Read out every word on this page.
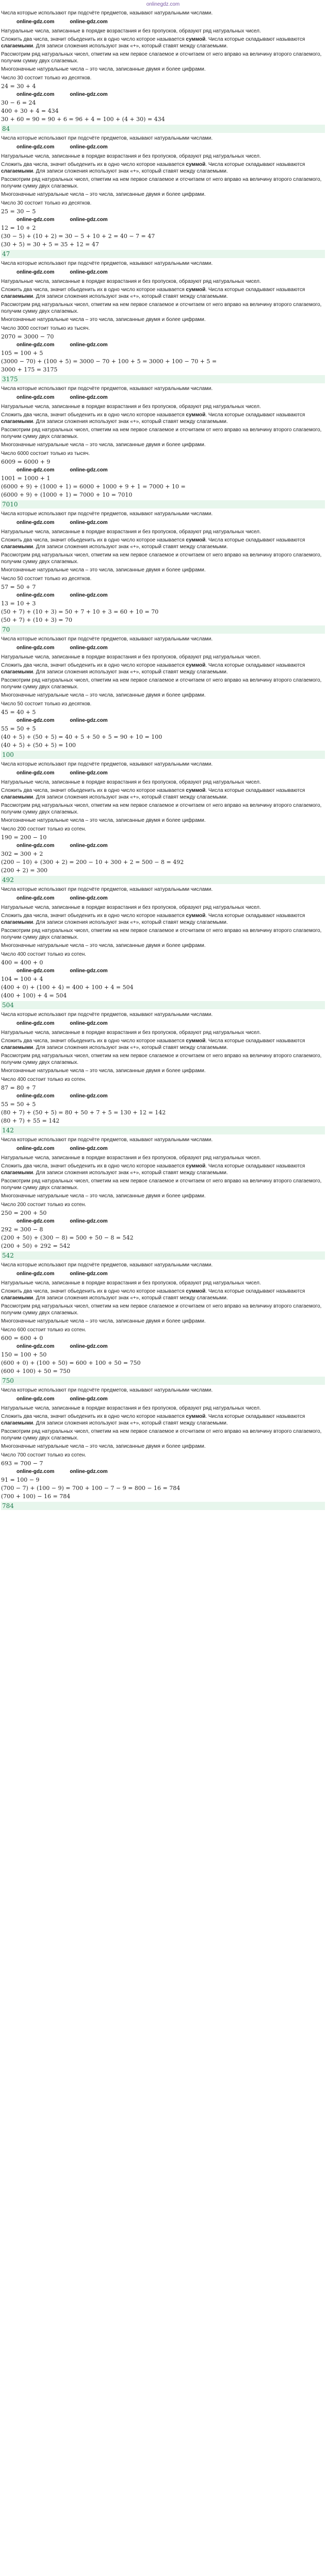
onlinegdz.com
Числа которые использают при подсчёте предметов, называют натуральными числами.
online-gdz.com	online-gdz.com
Натуральные числа, записанные в порядке возрастания и без пропусков, образуют ряд натуральных чисел.
Сложить два числа, значит обьеденить их в одно число которое называется суммой. Числа которые складывают называются слагаемыми. Для записи сложения используют знак «+», который ставят между слагаемыми.
Рассмотрим ряд натуральных чисел, отметим на нем первое слагаемое и отсчитаем от него вправо на величину второго слагаемого, получим сумму двух слагаемых.
Многозначные натуральные числа – это числа, записанные двумя и более цифрами.
Число 30 состоит только из десятков.
24 = 30 + 4
online-gdz.com	online-gdz.com
30 − 6 = 24
400 + 30 + 4 = 434
30 + 60 = 90 = 90 + 6 = 96 + 4 = 100 + (4 + 30) = 434
84
Числа которые использают при подсчёте предметов, называют натуральными числами.
online-gdz.com	online-gdz.com
Натуральные числа, записанные в порядке возрастания и без пропусков, образуют ряд натуральных чисел.
Сложить два числа, значит обьеденить их в одно число которое называется суммой. Числа которые складывают называются слагаемыми. Для записи сложения используют знак «+», который ставят между слагаемыми.
Рассмотрим ряд натуральных чисел, отметим на нем первое слагаемое и отсчитаем от него вправо на величину второго слагаемого, получим сумму двух слагаемых.
Многозначные натуральные числа – это числа, записанные двумя и более цифрами.
Число 30 состоит только из десятков.
25 = 30 − 5
online-gdz.com	online-gdz.com
12 = 10 + 2
(30 − 5) + (10 + 2) = 30 − 5 + 10 + 2 = 40 − 7 = 47
(30 + 5) = 30 + 5 = 35 + 12 = 47
47
Числа которые использают при подсчёте предметов, называют натуральными числами.
online-gdz.com	online-gdz.com
Натуральные числа, записанные в порядке возрастания и без пропусков, образуют ряд натуральных чисел.
Сложить два числа, значит обьеденить их в одно число которое называется суммой. Числа которые складывают называются слагаемыми. Для записи сложения используют знак «+», который ставят между слагаемыми.
Рассмотрим ряд натуральных чисел, отметим на нем первое слагаемое и отсчитаем от него вправо на величину второго слагаемого, получим сумму двух слагаемых.
Многозначные натуральные числа – это числа, записанные двумя и более цифрами.
Число 3000 состоит только из тысяч.
2070 = 3000 − 70
online-gdz.com	online-gdz.com
105 = 100 + 5
(3000 − 70) + (100 + 5) = 3000 − 70 + 100 + 5 = 3000 + 100 − 70 + 5 =
3000 + 175 = 3175
3175
Числа которые использают при подсчёте предметов, называют натуральными числами.
online-gdz.com	online-gdz.com
Натуральные числа, записанные в порядке возрастания и без пропусков, образуют ряд натуральных чисел.
Сложить два числа, значит обьеденить их в одно число которое называется суммой. Числа которые складывают называются слагаемыми. Для записи сложения используют знак «+», который ставят между слагаемыми.
Рассмотрим ряд натуральных чисел, отметим на нем первое слагаемое и отсчитаем от него вправо на величину второго слагаемого, получим сумму двух слагаемых.
Многозначные натуральные числа – это числа, записанные двумя и более цифрами.
Число 6000 состоит только из тысяч.
6009 = 6000 + 9
online-gdz.com	online-gdz.com
1001 = 1000 + 1
(6000 + 9) + (1000 + 1) = 6000 + 1000 + 9 + 1 = 7000 + 10 =
(6000 + 9) + (1000 + 1) = 7000 + 10 = 7010
7010
Числа которые использают при подсчёте предметов, называют натуральными числами.
online-gdz.com	online-gdz.com
Натуральные числа, записанные в порядке возрастания и без пропусков, образуют ряд натуральных чисел.
Сложить два числа, значит обьеденить их в одно число которое называется суммой. Числа которые складывают называются слагаемыми. Для записи сложения используют знак «+», который ставят между слагаемыми.
Рассмотрим ряд натуральных чисел, отметим на нем первое слагаемое и отсчитаем от него вправо на величину второго слагаемого, получим сумму двух слагаемых.
Многозначные натуральные числа – это числа, записанные двумя и более цифрами.
Число 50 состоит только из десятков.
57 = 50 + 7
online-gdz.com	online-gdz.com
13 = 10 + 3
(50 + 7) + (10 + 3) = 50 + 7 + 10 + 3 = 60 + 10 = 70
(50 + 7) + (10 + 3) = 70
70
Числа которые использают при подсчёте предметов, называют натуральными числами.
online-gdz.com	online-gdz.com
Натуральные числа, записанные в порядке возрастания и без пропусков, образуют ряд натуральных чисел.
Сложить два числа, значит обьеденить их в одно число которое называется суммой. Числа которые складывают называются слагаемыми. Для записи сложения используют знак «+», который ставят между слагаемыми.
Рассмотрим ряд натуральных чисел, отметим на нем первое слагаемое и отсчитаем от него вправо на величину второго слагаемого, получим сумму двух слагаемых.
Многозначные натуральные числа – это числа, записанные двумя и более цифрами.
Число 50 состоит только из десятков.
45 = 40 + 5
online-gdz.com	online-gdz.com
55 = 50 + 5
(40 + 5) + (50 + 5) = 40 + 5 + 50 + 5 = 90 + 10 = 100
(40 + 5) + (50 + 5) = 100
100
Числа которые использают при подсчёте предметов, называют натуральными числами.
online-gdz.com	online-gdz.com
Натуральные числа, записанные в порядке возрастания и без пропусков, образуют ряд натуральных чисел.
Сложить два числа, значит обьеденить их в одно число которое называется суммой. Числа которые складывают называются слагаемыми. Для записи сложения используют знак «+», который ставят между слагаемыми.
Рассмотрим ряд натуральных чисел, отметим на нем первое слагаемое и отсчитаем от него вправо на величину второго слагаемого, получим сумму двух слагаемых.
Многозначные натуральные числа – это числа, записанные двумя и более цифрами.
Число 200 состоит только из сотен.
190 = 200 − 10
online-gdz.com	online-gdz.com
302 = 300 + 2
(200 − 10) + (300 + 2) = 200 − 10 + 300 + 2 = 500 − 8 = 492
(200 + 2) = 300
492
Числа которые использают при подсчёте предметов, называют натуральными числами.
online-gdz.com	online-gdz.com
Натуральные числа, записанные в порядке возрастания и без пропусков, образуют ряд натуральных чисел.
Сложить два числа, значит обьеденить их в одно число которое называется суммой. Числа которые складывают называются слагаемыми. Для записи сложения используют знак «+», который ставят между слагаемыми.
Рассмотрим ряд натуральных чисел, отметим на нем первое слагаемое и отсчитаем от него вправо на величину второго слагаемого, получим сумму двух слагаемых.
Многозначные натуральные числа – это числа, записанные двумя и более цифрами.
Число 400 состоит только из сотен.
400 = 400 + 0
online-gdz.com	online-gdz.com
104 = 100 + 4
(400 + 0) + (100 + 4) = 400 + 100 + 4 = 504
(400 + 100) + 4 = 504
504
Числа которые использают при подсчёте предметов, называют натуральными числами.
online-gdz.com	online-gdz.com
Натуральные числа, записанные в порядке возрастания и без пропусков, образуют ряд натуральных чисел.
Сложить два числа, значит обьеденить их в одно число которое называется суммой. Числа которые складывают называются слагаемыми. Для записи сложения используют знак «+», который ставят между слагаемыми.
Рассмотрим ряд натуральных чисел, отметим на нем первое слагаемое и отсчитаем от него вправо на величину второго слагаемого, получим сумму двух слагаемых.
Многозначные натуральные числа – это числа, записанные двумя и более цифрами.
Число 400 состоит только из сотен.
87 = 80 + 7
online-gdz.com	online-gdz.com
55 = 50 + 5
(80 + 7) + (50 + 5) = 80 + 50 + 7 + 5 = 130 + 12 = 142
(80 + 7) + 55 = 142
142
Числа которые использают при подсчёте предметов, называют натуральными числами.
online-gdz.com	online-gdz.com
Натуральные числа, записанные в порядке возрастания и без пропусков, образуют ряд натуральных чисел.
Сложить два числа, значит обьеденить их в одно число которое называется суммой. Числа которые складывают называются слагаемыми. Для записи сложения используют знак «+», который ставят между слагаемыми.
Рассмотрим ряд натуральных чисел, отметим на нем первое слагаемое и отсчитаем от него вправо на величину второго слагаемого, получим сумму двух слагаемых.
Многозначные натуральные числа – это числа, записанные двумя и более цифрами.
Число 200 состоит только из сотен.
250 = 200 + 50
online-gdz.com	online-gdz.com
292 = 300 − 8
(200 + 50) + (300 − 8) = 500 + 50 − 8 = 542
(200 + 50) + 292 = 542
542
Числа которые использают при подсчёте предметов, называют натуральными числами.
online-gdz.com	online-gdz.com
Натуральные числа, записанные в порядке возрастания и без пропусков, образуют ряд натуральных чисел.
Сложить два числа, значит обьеденить их в одно число которое называется суммой. Числа которые складывают называются слагаемыми. Для записи сложения используют знак «+», который ставят между слагаемыми.
Рассмотрим ряд натуральных чисел, отметим на нем первое слагаемое и отсчитаем от него вправо на величину второго слагаемого, получим сумму двух слагаемых.
Многозначные натуральные числа – это числа, записанные двумя и более цифрами.
Число 600 состоит только из сотен.
600 = 600 + 0
online-gdz.com	online-gdz.com
150 = 100 + 50
(600 + 0) + (100 + 50) = 600 + 100 + 50 = 750
(600 + 100) + 50 = 750
750
Числа которые использают при подсчёте предметов, называют натуральными числами.
online-gdz.com	online-gdz.com
Натуральные числа, записанные в порядке возрастания и без пропусков, образуют ряд натуральных чисел.
Сложить два числа, значит обьеденить их в одно число которое называется суммой. Числа которые складывают называются слагаемыми. Для записи сложения используют знак «+», который ставят между слагаемыми.
Рассмотрим ряд натуральных чисел, отметим на нем первое слагаемое и отсчитаем от него вправо на величину второго слагаемого, получим сумму двух слагаемых.
Многозначные натуральные числа – это числа, записанные двумя и более цифрами.
Число 700 состоит только из сотен.
693 = 700 − 7
online-gdz.com	online-gdz.com
91 = 100 − 9
(700 − 7) + (100 − 9) = 700 + 100 − 7 − 9 = 800 − 16 = 784
(700 + 100) − 16 = 784
784
